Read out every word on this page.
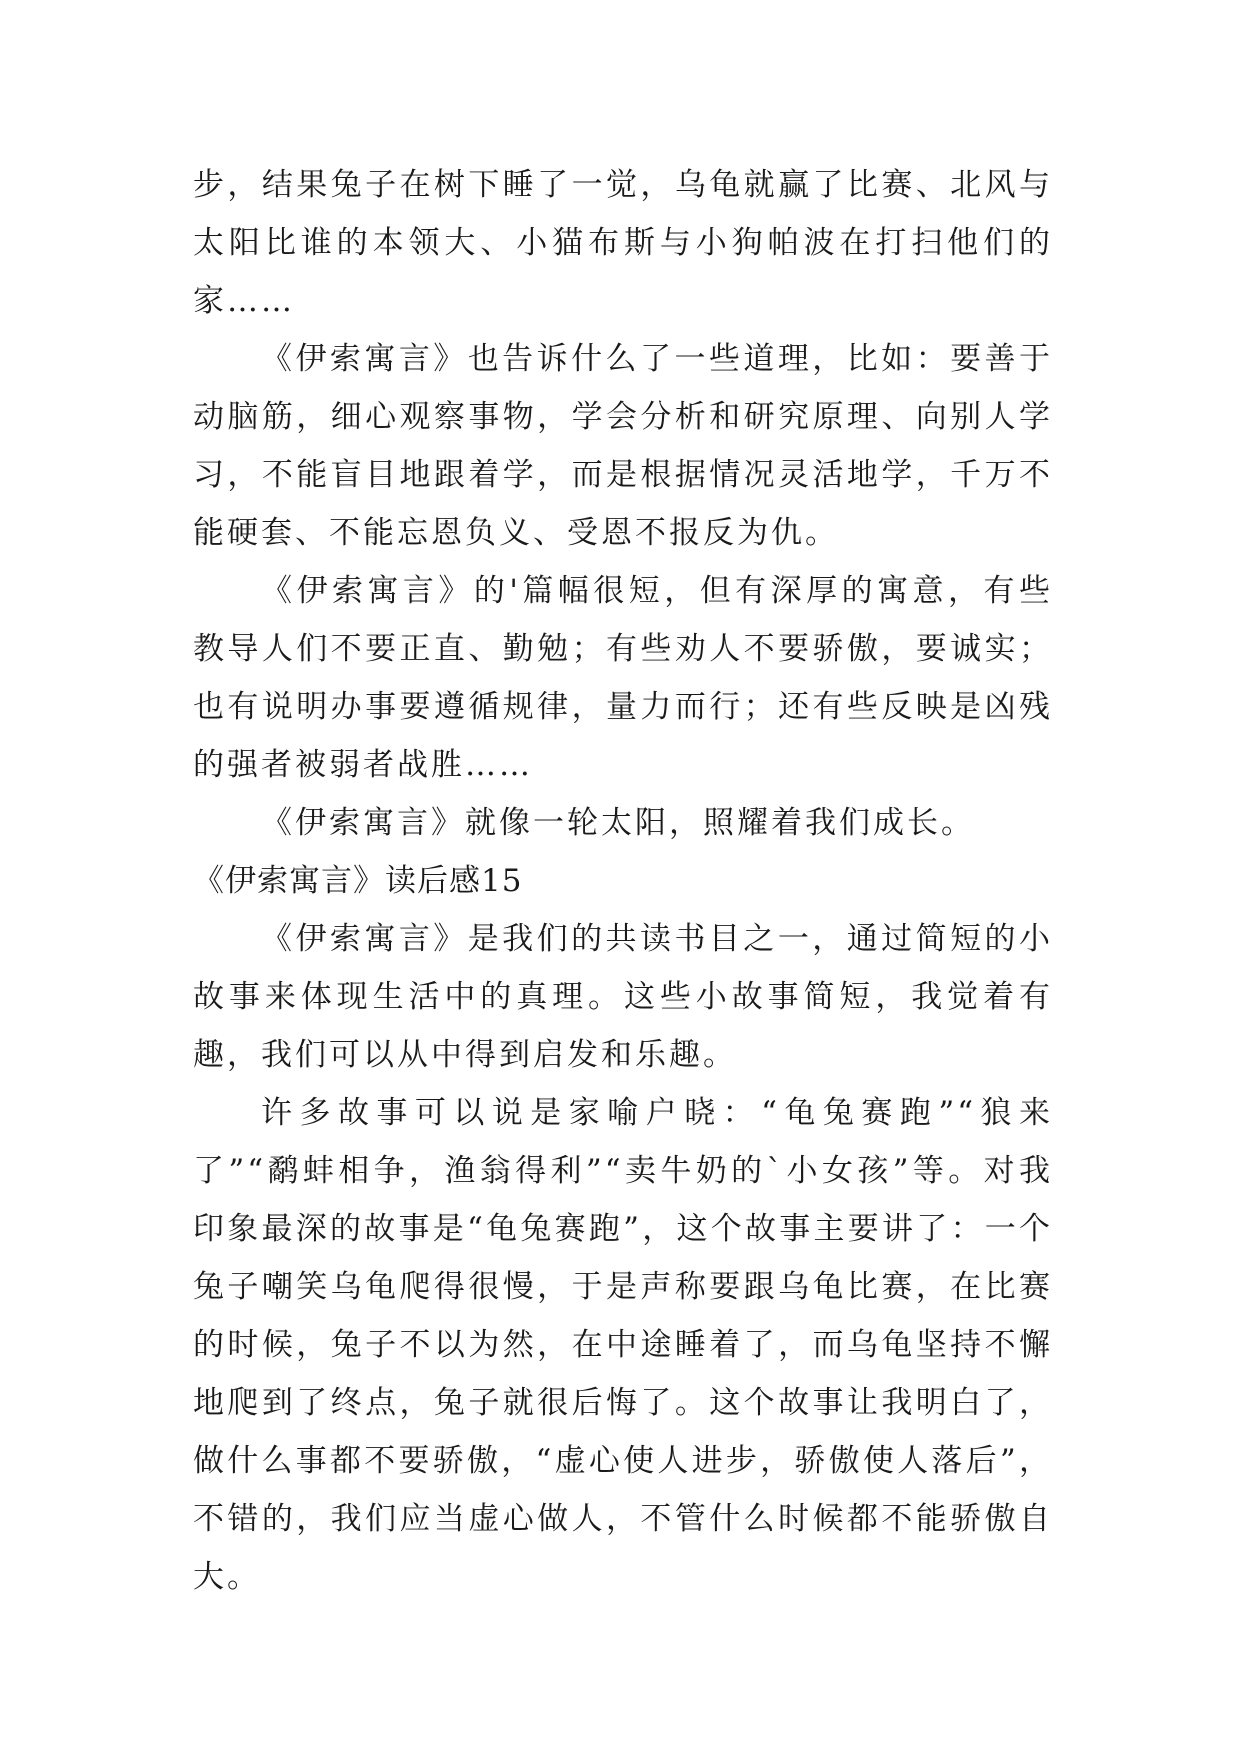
步，结果兔子在树下睡了一觉，乌龟就赢了比赛、北风与太阳比谁的本领大、小猫布斯与小狗帕波在打扫他们的家……

《伊索寓言》也告诉什么了一些道理，比如：要善于动脑筋，细心观察事物，学会分析和研究原理、向别人学习，不能盲目地跟着学，而是根据情况灵活地学，千万不能硬套、不能忘恩负义、受恩不报反为仇。

《伊索寓言》的'篇幅很短，但有深厚的寓意，有些教导人们不要正直、勤勉；有些劝人不要骄傲，要诚实；也有说明办事要遵循规律，量力而行；还有些反映是凶残的强者被弱者战胜……

《伊索寓言》就像一轮太阳，照耀着我们成长。

《伊索寓言》读后感15

《伊索寓言》是我们的共读书目之一，通过简短的小故事来体现生活中的真理。这些小故事简短，我觉着有趣，我们可以从中得到启发和乐趣。

许多故事可以说是家喻户晓：“龟兔赛跑”“狼来了”“鹬蚌相争，渔翁得利”“卖牛奶的`小女孩”等。对我印象最深的故事是“龟兔赛跑”，这个故事主要讲了：一个兔子嘲笑乌龟爬得很慢，于是声称要跟乌龟比赛，在比赛的时候，兔子不以为然，在中途睡着了，而乌龟坚持不懈地爬到了终点，兔子就很后悔了。这个故事让我明白了，做什么事都不要骄傲，“虚心使人进步，骄傲使人落后”，不错的，我们应当虚心做人，不管什么时候都不能骄傲自大。
